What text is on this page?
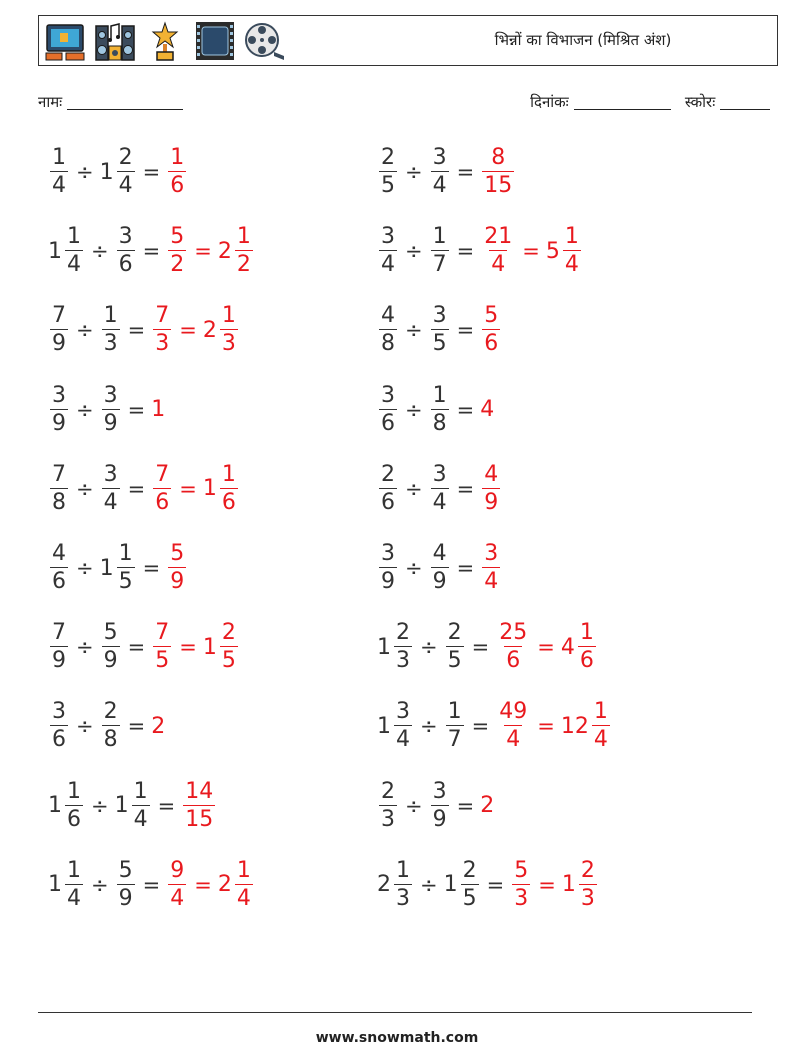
भिन्नों का विभाजन (मिश्रित अंश)
नामः	दिनांकः	स्कोरः
$\frac{1}{4} \div 1 \frac{2}{4} = \frac{1}{6}$	$\frac{2}{5} \div \frac{3}{4} = \frac{8}{15}$
$1 \frac{1}{4} \div \frac{3}{6} = \frac{5}{2} = 2 \frac{1}{2}$	$\frac{3}{4} \div \frac{1}{7} = \frac{21}{4} = 5 \frac{1}{4}$
$\frac{7}{9} \div \frac{1}{3} = \frac{7}{3} = 2 \frac{1}{3}$	$\frac{4}{8} \div \frac{3}{5} = \frac{5}{6}$
$\frac{3}{9} \div \frac{3}{9} = 1$	$\frac{3}{6} \div \frac{1}{8} = 4$
$\frac{7}{8} \div \frac{3}{4} = \frac{7}{6} = 1 \frac{1}{6}$	$\frac{2}{6} \div \frac{3}{4} = \frac{4}{9}$
$\frac{4}{6} \div 1 \frac{1}{5} = \frac{5}{9}$	$\frac{3}{9} \div \frac{4}{9} = \frac{3}{4}$
$\frac{7}{9} \div \frac{5}{9} = \frac{7}{5} = 1 \frac{2}{5}$	$1 \frac{2}{3} \div \frac{2}{5} = \frac{25}{6} = 4 \frac{1}{6}$
$\frac{3}{6} \div \frac{2}{8} = 2$	$1 \frac{3}{4} \div \frac{1}{7} = \frac{49}{4} = 12 \frac{1}{4}$
$1 \frac{1}{6} \div 1 \frac{1}{4} = \frac{14}{15}$	$\frac{2}{3} \div \frac{3}{9} = 2$
$1 \frac{1}{4} \div \frac{5}{9} = \frac{9}{4} = 2 \frac{1}{4}$	$2 \frac{1}{3} \div 1 \frac{2}{5} = \frac{5}{3} = 1 \frac{2}{3}$
www.snowmath.com
